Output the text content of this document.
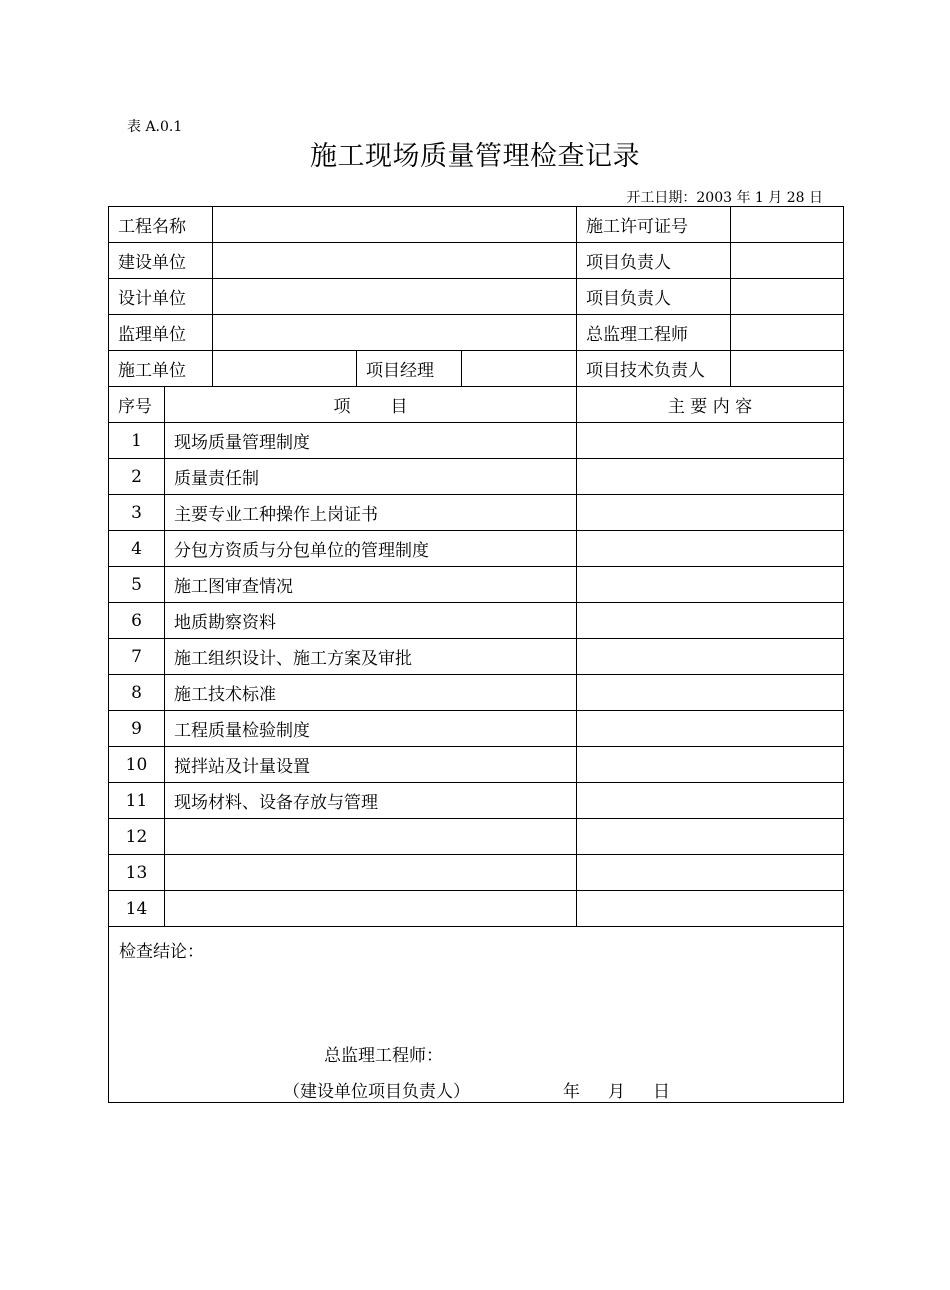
表 A.0.1
施工现场质量管理检查记录
开工日期：2003 年 1 月 28 日
工程名称					施工许可证号	
建设单位					项目负责人	
设计单位					项目负责人	
监理单位					总监理工程师	
施工单位			项目经理		项目技术负责人	
序号	项 目				主 要 内 容	
1	现场质量管理制度					
2	质量责任制					
3	主要专业工种操作上岗证书					
4	分包方资质与分包单位的管理制度					
5	施工图审查情况					
6	地质勘察资料					
7	施工组织设计、施工方案及审批					
8	施工技术标准					
9	工程质量检验制度					
10	搅拌站及计量设置					
11	现场材料、设备存放与管理					
12						
13						
14						

检查结论：
总监理工程师：
（建设单位项目负责人） 年 月 日						
